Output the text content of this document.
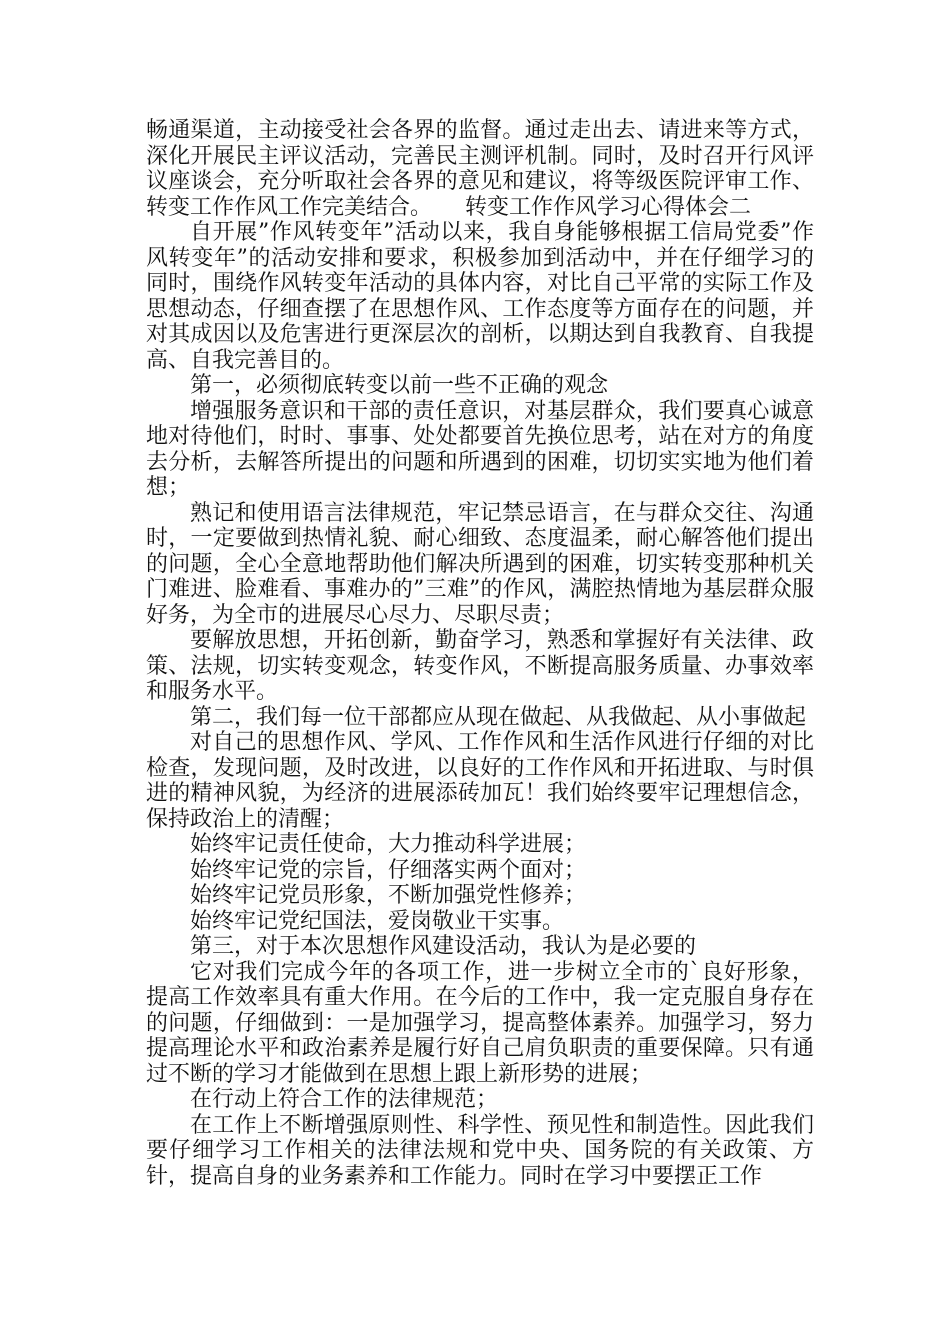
畅通渠道，主动接受社会各界的监督。通过走出去、请进来等方式，深化开展民主评议活动，完善民主测评机制。同时，及时召开行风评议座谈会，充分听取社会各界的意见和建议，将等级医院评审工作、转变工作作风工作完美结合。 转变工作作风学习心得体会二

自开展”作风转变年”活动以来，我自身能够根据工信局党委”作风转变年”的活动安排和要求，积极参加到活动中，并在仔细学习的同时，围绕作风转变年活动的具体内容，对比自己平常的实际工作及思想动态，仔细查摆了在思想作风、工作态度等方面存在的问题，并对其成因以及危害进行更深层次的剖析，以期达到自我教育、自我提高、自我完善目的。

第一，必须彻底转变以前一些不正确的观念

增强服务意识和干部的责任意识，对基层群众，我们要真心诚意地对待他们，时时、事事、处处都要首先换位思考，站在对方的角度去分析，去解答所提出的问题和所遇到的困难，切切实实地为他们着想；

熟记和使用语言法律规范，牢记禁忌语言，在与群众交往、沟通时，一定要做到热情礼貌、耐心细致、态度温柔，耐心解答他们提出的问题，全心全意地帮助他们解决所遇到的困难，切实转变那种机关门难进、脸难看、事难办的”三难”的作风，满腔热情地为基层群众服好务，为全市的进展尽心尽力、尽职尽责；

要解放思想，开拓创新，勤奋学习，熟悉和掌握好有关法律、政策、法规，切实转变观念，转变作风，不断提高服务质量、办事效率和服务水平。

第二，我们每一位干部都应从现在做起、从我做起、从小事做起

对自己的思想作风、学风、工作作风和生活作风进行仔细的对比检查，发现问题，及时改进，以良好的工作作风和开拓进取、与时俱进的精神风貌，为经济的进展添砖加瓦！我们始终要牢记理想信念，保持政治上的清醒；

始终牢记责任使命，大力推动科学进展；

始终牢记党的宗旨，仔细落实两个面对；

始终牢记党员形象，不断加强党性修养；

始终牢记党纪国法，爱岗敬业干实事。

第三，对于本次思想作风建设活动，我认为是必要的

它对我们完成今年的各项工作，进一步树立全市的`良好形象，提高工作效率具有重大作用。在今后的工作中，我一定克服自身存在的问题，仔细做到：一是加强学习，提高整体素养。加强学习，努力提高理论水平和政治素养是履行好自己肩负职责的重要保障。只有通过不断的学习才能做到在思想上跟上新形势的进展；

在行动上符合工作的法律规范；

在工作上不断增强原则性、科学性、预见性和制造性。因此我们要仔细学习工作相关的法律法规和党中央、国务院的有关政策、方针，提高自身的业务素养和工作能力。同时在学习中要摆正工作
